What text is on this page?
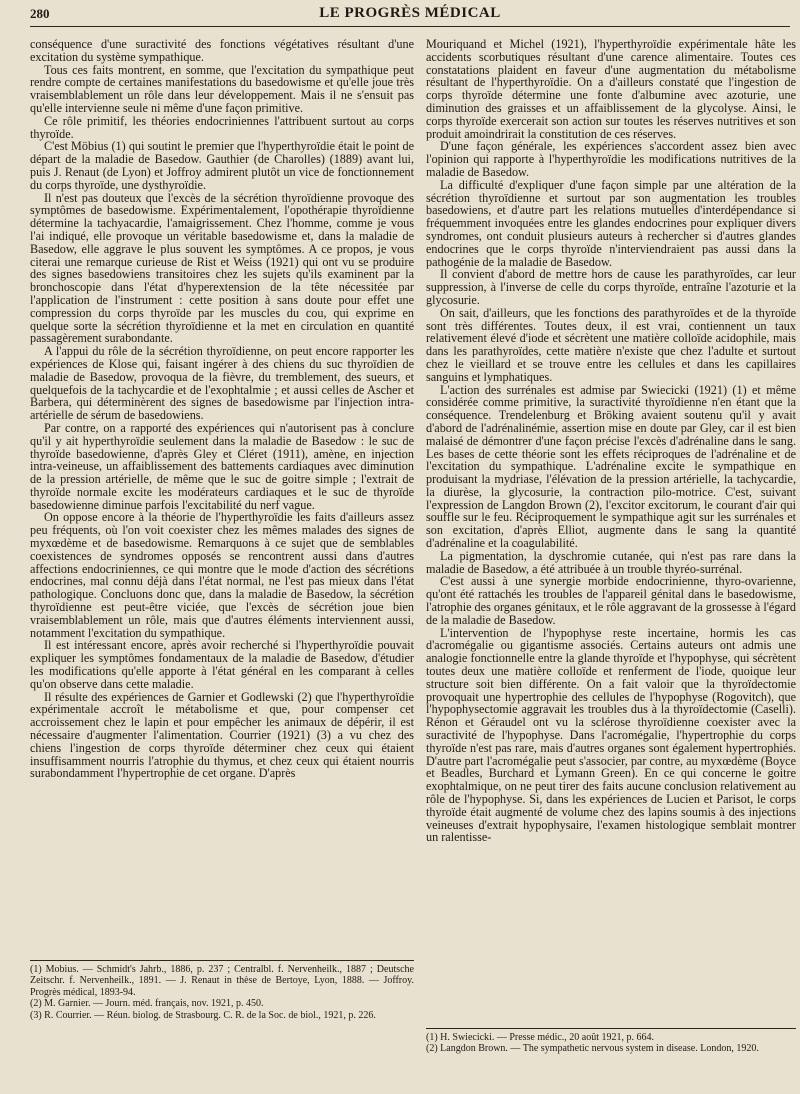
280	LE PROGRÈS MÉDICAL

conséquence d'une suractivité des fonctions végétatives résultant d'une excitation du système sympathique.

Tous ces faits montrent, en somme, que l'excitation du sympathique peut rendre compte de certaines manifestations du basedowisme et qu'elle joue très vraisemblablement un rôle dans leur développement. Mais il ne s'ensuit pas qu'elle intervienne seule ni même d'une façon primitive.

Ce rôle primitif, les théories endocriniennes l'attribuent surtout au corps thyroïde.

C'est Möbius (1) qui soutint le premier que l'hyperthyroïdie était le point de départ de la maladie de Basedow. Gauthier (de Charolles) (1889) avant lui, puis J. Renaut (de Lyon) et Joffroy admirent plutôt un vice de fonctionnement du corps thyroïde, une dysthyroïdie.

Il n'est pas douteux que l'excès de la sécrétion thyroïdienne provoque des symptômes de basedowisme. Expérimentalement, l'opothérapie thyroïdienne détermine la tachyacardie, l'amaigrissement. Chez l'homme, comme je vous l'ai indiqué, elle provoque un véritable basedowisme et, dans la maladie de Basedow, elle aggrave le plus souvent les symptômes. A ce propos, je vous citerai une remarque curieuse de Rist et Weiss (1921) qui ont vu se produire des signes basedowiens transitoires chez les sujets qu'ils examinent par la bronchoscopie dans l'état d'hyperextension de la tête nécessitée par l'application de l'instrument : cette position à sans doute pour effet une compression du corps thyroïde par les muscles du cou, qui exprime en quelque sorte la sécrétion thyroïdienne et la met en circulation en quantité passagèrement surabondante.

A l'appui du rôle de la sécrétion thyroïdienne, on peut encore rapporter les expériences de Klose qui, faisant ingérer à des chiens du suc thyroïdien de maladie de Basedow, provoqua de la fièvre, du tremblement, des sueurs, et quelquefois de la tachycardie et de l'exophtalmie ; et aussi celles de Ascher et Barbera, qui déterminèrent des signes de basedowisme par l'injection intra-artérielle de sérum de basedowiens.

Par contre, on a rapporté des expériences qui n'autorisent pas à conclure qu'il y ait hyperthyroïdie seulement dans la maladie de Basedow : le suc de thyroïde basedowienne, d'après Gley et Cléret (1911), amène, en injection intra-veineuse, un affaiblissement des battements cardiaques avec diminution de la pression artérielle, de même que le suc de goitre simple ; l'extrait de thyroïde normale excite les modérateurs cardiaques et le suc de thyroïde basedowienne diminue parfois l'excitabilité du nerf vague.

On oppose encore à la théorie de l'hyperthyroïdie les faits d'ailleurs assez peu fréquents, où l'on voit coexister chez les mêmes malades des signes de myxœdème et de basedowisme. Remarquons à ce sujet que de semblables coexistences de syndromes opposés se rencontrent aussi dans d'autres affections endocriniennes, ce qui montre que le mode d'action des sécrétions endocrines, mal connu déjà dans l'état normal, ne l'est pas mieux dans l'état pathologique. Concluons donc que, dans la maladie de Basedow, la sécrétion thyroïdienne est peut-être viciée, que l'excès de sécrétion joue bien vraisemblablement un rôle, mais que d'autres éléments interviennent aussi, notamment l'excitation du sympathique.

Il est intéressant encore, après avoir recherché si l'hyperthyroïdie pouvait expliquer les symptômes fondamentaux de la maladie de Basedow, d'étudier les modifications qu'elle apporte à l'état général en les comparant à celles qu'on observe dans cette maladie.

Il résulte des expériences de Garnier et Godlewski (2) que l'hyperthyroïdie expérimentale accroît le métabolisme et que, pour compenser cet accroissement chez le lapin et pour empêcher les animaux de dépérir, il est nécessaire d'augmenter l'alimentation. Courrier (1921) (3) a vu chez des chiens l'ingestion de corps thyroïde déterminer chez ceux qui étaient insuffisamment nourris l'atrophie du thymus, et chez ceux qui étaient nourris surabondamment l'hypertrophie de cet organe. D'après

(1) Mobius. — Schmidt's Jahrb., 1886, p. 237 ; Centralbl. f. Nervenheilk., 1887 ; Deutsche Zeitschr. f. Nervenheilk., 1891. — J. Renaut in thèse de Bertoye, Lyon, 1888. — Joffroy. Progrès médical, 1893-94.

(2) M. Garnier. — Journ. méd. français, nov. 1921, p. 450.

(3) R. Courrier. — Réun. biolog. de Strasbourg. C. R. de la Soc. de biol., 1921, p. 226.

Mouriquand et Michel (1921), l'hyperthyroïdie expérimentale hâte les accidents scorbutiques résultant d'une carence alimentaire. Toutes ces constatations plaident en faveur d'une augmentation du métabolisme résultant de l'hyperthyroïdie. On a d'ailleurs constaté que l'ingestion de corps thyroïde détermine une fonte d'albumine avec azoturie, une diminution des graisses et un affaiblissement de la glycolyse. Ainsi, le corps thyroïde exercerait son action sur toutes les réserves nutritives et son produit amoindrirait la constitution de ces réserves.

D'une façon générale, les expériences s'accordent assez bien avec l'opinion qui rapporte à l'hyperthyroïdie les modifications nutritives de la maladie de Basedow.

La difficulté d'expliquer d'une façon simple par une altération de la sécrétion thyroïdienne et surtout par son augmentation les troubles basedowiens, et d'autre part les relations mutuelles d'interdépendance si fréquemment invoquées entre les glandes endocrines pour expliquer divers syndromes, ont conduit plusieurs auteurs à rechercher si d'autres glandes endocrines que le corps thyroïde n'interviendraient pas aussi dans la pathogénie de la maladie de Basedow.

Il convient d'abord de mettre hors de cause les parathyroïdes, car leur suppression, à l'inverse de celle du corps thyroïde, entraîne l'azoturie et la glycosurie.

On sait, d'ailleurs, que les fonctions des parathyroïdes et de la thyroïde sont très différentes. Toutes deux, il est vrai, contiennent un taux relativement élevé d'iode et sécrètent une matière colloïde acidophile, mais dans les parathyroïdes, cette matière n'existe que chez l'adulte et surtout chez le vieillard et se trouve entre les cellules et dans les capillaires sanguins et lymphatiques.

L'action des surrénales est admise par Swiecicki (1921) (1) et même considérée comme primitive, la suractivité thyroïdienne n'en étant que la conséquence. Trendelenburg et Bröking avaient soutenu qu'il y avait d'abord de l'adrénalinémie, assertion mise en doute par Gley, car il est bien malaisé de démontrer d'une façon précise l'excès d'adrénaline dans le sang. Les bases de cette théorie sont les effets réciproques de l'adrénaline et de l'excitation du sympathique. L'adrénaline excite le sympathique en produisant la mydriase, l'élévation de la pression artérielle, la tachycardie, la diurèse, la glycosurie, la contraction pilo-motrice. C'est, suivant l'expression de Langdon Brown (2), l'excitor excitorum, le courant d'air qui souffle sur le feu. Réciproquement le sympathique agit sur les surrénales et son excitation, d'après Elliot, augmente dans le sang la quantité d'adrénaline et la coagulabilité.

La pigmentation, la dyschromie cutanée, qui n'est pas rare dans la maladie de Basedow, a été attribuée à un trouble thyréo-surrénal.

C'est aussi à une synergie morbide endocrinienne, thyro-ovarienne, qu'ont été rattachés les troubles de l'appareil génital dans le basedowisme, l'atrophie des organes génitaux, et le rôle aggravant de la grossesse à l'égard de la maladie de Basedow.

L'intervention de l'hypophyse reste incertaine, hormis les cas d'acromégalie ou gigantisme associés. Certains auteurs ont admis une analogie fonctionnelle entre la glande thyroïde et l'hypophyse, qui sécrètent toutes deux une matière colloïde et renferment de l'iode, quoique leur structure soit bien différente. On a fait valoir que la thyroïdectomie provoquait une hypertrophie des cellules de l'hypophyse (Rogovitch), que l'hypophysectomie aggravait les troubles dus à la thyroïdectomie (Caselli). Rénon et Géraudel ont vu la sclérose thyroïdienne coexister avec la suractivité de l'hypophyse. Dans l'acromégalie, l'hypertrophie du corps thyroïde n'est pas rare, mais d'autres organes sont également hypertrophiés. D'autre part l'acromégalie peut s'associer, par contre, au myxœdème (Boyce et Beadles, Burchard et Lymann Green). En ce qui concerne le goitre exophtalmique, on ne peut tirer des faits aucune conclusion relativement au rôle de l'hypophyse. Si, dans les expériences de Lucien et Parisot, le corps thyroïde était augmenté de volume chez des lapins soumis à des injections veineuses d'extrait hypophysaire, l'examen histologique semblait montrer un ralentisse-

(1) H. Swiecicki. — Presse médic., 20 août 1921, p. 664.

(2) Langdon Brown. — The sympathetic nervous system in disease. London, 1920.
